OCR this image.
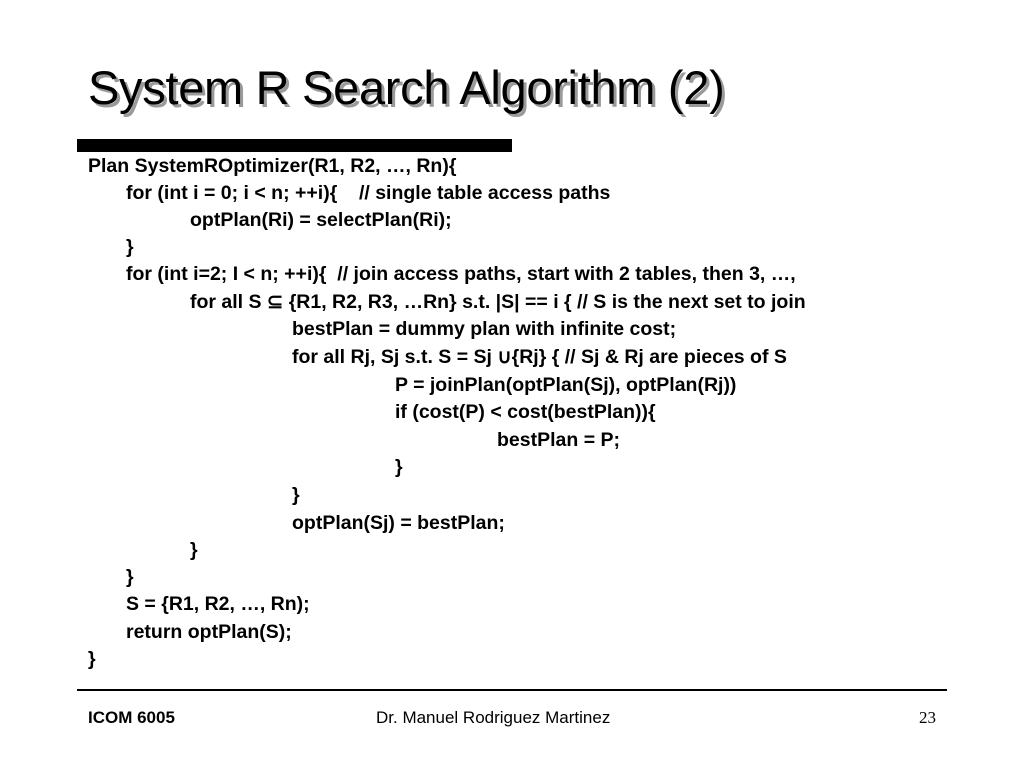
System R Search Algorithm (2)
Plan SystemROptimizer(R1, R2, …, Rn){
for (int i = 0; i < n; ++i){    // single table access paths
optPlan(Ri) = selectPlan(Ri);
}
for (int i=2; I < n; ++i){  // join access paths, start with 2 tables, then 3, …,
for all S ⊆ {R1, R2, R3, …Rn} s.t. |S| == i { // S is the next set to join
bestPlan = dummy plan with infinite cost;
for all Rj, Sj s.t. S = Sj ∪{Rj} { // Sj & Rj are pieces of S
P = joinPlan(optPlan(Sj), optPlan(Rj))
if (cost(P) < cost(bestPlan)){
bestPlan = P;
}
}
optPlan(Sj) = bestPlan;
}
}
S = {R1, R2, …, Rn);
return optPlan(S);
}
ICOM 6005	Dr. Manuel Rodriguez Martinez	23
